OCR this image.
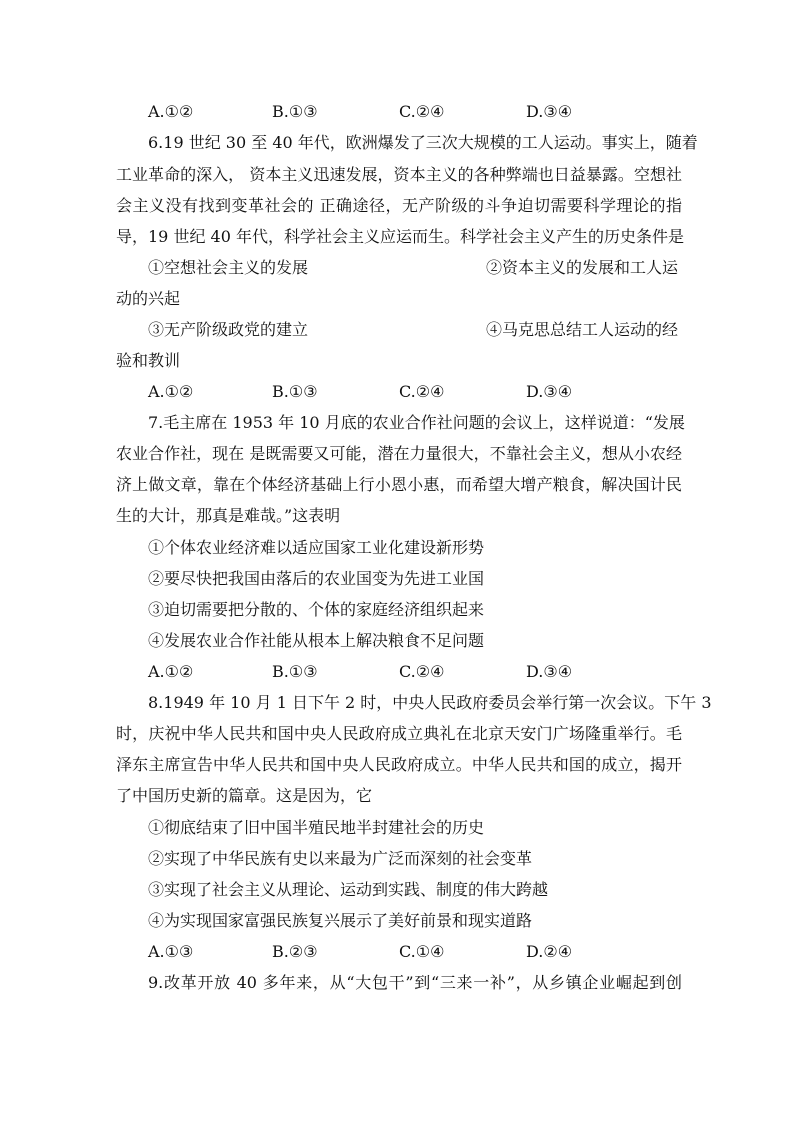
A.①②	B.①③	C.②④	D.③④
6.19 世纪 30 至 40 年代，欧洲爆发了三次大规模的工人运动。事实上，随着
工业革命的深入， 资本主义迅速发展，资本主义的各种弊端也日益暴露。空想社
会主义没有找到变革社会的 正确途径，无产阶级的斗争迫切需要科学理论的指
导，19 世纪 40 年代，科学社会主义应运而生。科学社会主义产生的历史条件是
①空想社会主义的发展	②资本主义的发展和工人运
动的兴起
③无产阶级政党的建立	④马克思总结工人运动的经
验和教训
A.①②	B.①③	C.②④	D.③④
7.毛主席在 1953 年 10 月底的农业合作社问题的会议上，这样说道：“发展
农业合作社，现在 是既需要又可能，潜在力量很大，不靠社会主义，想从小农经
济上做文章，靠在个体经济基础上行小恩小惠，而希望大增产粮食，解决国计民
生的大计，那真是难哉。”这表明
①个体农业经济难以适应国家工业化建设新形势
②要尽快把我国由落后的农业国变为先进工业国
③迫切需要把分散的、个体的家庭经济组织起来
④发展农业合作社能从根本上解决粮食不足问题
A.①②	B.①③	C.②④	D.③④
8.1949 年 10 月 1 日下午 2 时，中央人民政府委员会举行第一次会议。下午 3
时，庆祝中华人民共和国中央人民政府成立典礼在北京天安门广场隆重举行。毛
泽东主席宣告中华人民共和国中央人民政府成立。中华人民共和国的成立，揭开
了中国历史新的篇章。这是因为，它
①彻底结束了旧中国半殖民地半封建社会的历史
②实现了中华民族有史以来最为广泛而深刻的社会变革
③实现了社会主义从理论、运动到实践、制度的伟大跨越
④为实现国家富强民族复兴展示了美好前景和现实道路
A.①③	B.②③	C.①④	D.②④
9.改革开放 40 多年来，从“大包干”到“三来一补”，从乡镇企业崛起到创
